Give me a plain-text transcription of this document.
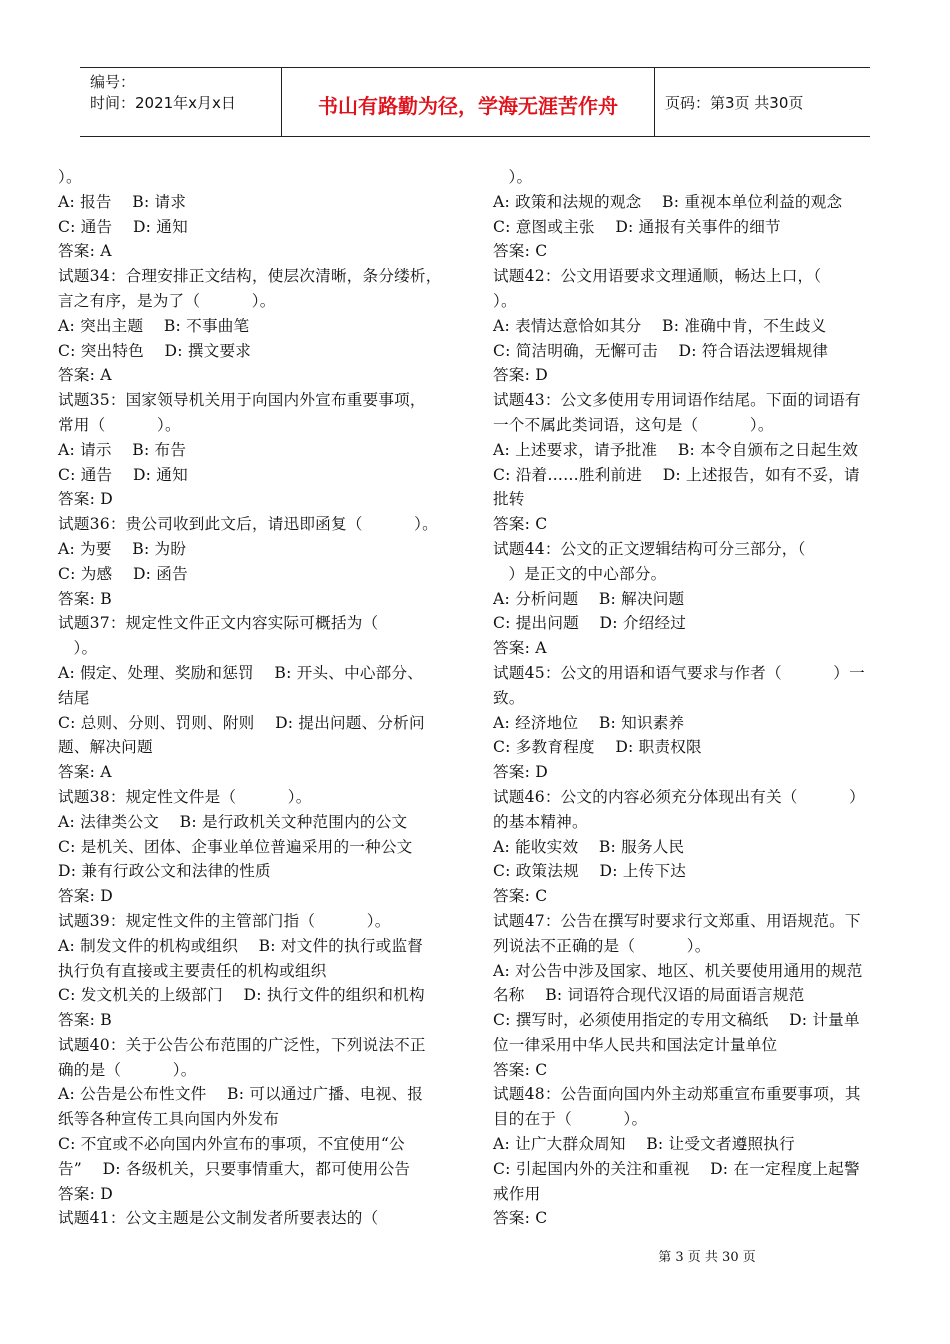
编号：
时间：2021年x月x日	书山有路勤为径，学海无涯苦作舟	页码：第3页 共30页
）。
A: 报告    B: 请求
C: 通告    D: 通知
答案: A
试题34：合理安排正文结构，使层次清晰，条分缕析，
言之有序，是为了（          ）。
A: 突出主题    B: 不事曲笔
C: 突出特色    D: 撰文要求
答案: A
试题35：国家领导机关用于向国内外宣布重要事项，
常用（          ）。
A: 请示    B: 布告
C: 通告    D: 通知
答案: D
试题36：贵公司收到此文后，请迅即函复（          ）。
A: 为要    B: 为盼
C: 为感    D: 函告
答案: B
试题37：规定性文件正文内容实际可概括为（
）。
A: 假定、处理、奖励和惩罚    B: 开头、中心部分、
结尾
C: 总则、分则、罚则、附则    D: 提出问题、分析问
题、解决问题
答案: A
试题38：规定性文件是（          ）。
A: 法律类公文    B: 是行政机关文种范围内的公文
C: 是机关、团体、企事业单位普遍采用的一种公文
D: 兼有行政公文和法律的性质
答案: D
试题39：规定性文件的主管部门指（          ）。
A: 制发文件的机构或组织    B: 对文件的执行或监督
执行负有直接或主要责任的机构或组织
C: 发文机关的上级部门    D: 执行文件的组织和机构
答案: B
试题40：关于公告公布范围的广泛性，下列说法不正
确的是（          ）。
A: 公告是公布性文件    B: 可以通过广播、电视、报
纸等各种宣传工具向国内外发布
C: 不宜或不必向国内外宣布的事项，不宜使用“公
告”    D: 各级机关，只要事情重大，都可使用公告
答案: D
试题41：公文主题是公文制发者所要表达的（
）。
A: 政策和法规的观念    B: 重视本单位利益的观念
C: 意图或主张    D: 通报有关事件的细节
答案: C
试题42：公文用语要求文理通顺，畅达上口，（
）。
A: 表情达意恰如其分    B: 准确中肯，不生歧义
C: 简洁明确，无懈可击    D: 符合语法逻辑规律
答案: D
试题43：公文多使用专用词语作结尾。下面的词语有
一个不属此类词语，这句是（          ）。
A: 上述要求，请予批准    B: 本令自颁布之日起生效
C: 沿着……胜利前进    D: 上述报告，如有不妥，请
批转
答案: C
试题44：公文的正文逻辑结构可分三部分，（
）是正文的中心部分。
A: 分析问题    B: 解决问题
C: 提出问题    D: 介绍经过
答案: A
试题45：公文的用语和语气要求与作者（          ）一
致。
A: 经济地位    B: 知识素养
C: 多教育程度    D: 职责权限
答案: D
试题46：公文的内容必须充分体现出有关（          ）
的基本精神。
A: 能收实效    B: 服务人民
C: 政策法规    D: 上传下达
答案: C
试题47：公告在撰写时要求行文郑重、用语规范。下
列说法不正确的是（          ）。
A: 对公告中涉及国家、地区、机关要使用通用的规范
名称    B: 词语符合现代汉语的局面语言规范
C: 撰写时，必须使用指定的专用文稿纸    D: 计量单
位一律采用中华人民共和国法定计量单位
答案: C
试题48：公告面向国内外主动郑重宣布重要事项，其
目的在于（          ）。
A: 让广大群众周知    B: 让受文者遵照执行
C: 引起国内外的关注和重视    D: 在一定程度上起警
戒作用
答案: C
第 3 页 共 30 页
